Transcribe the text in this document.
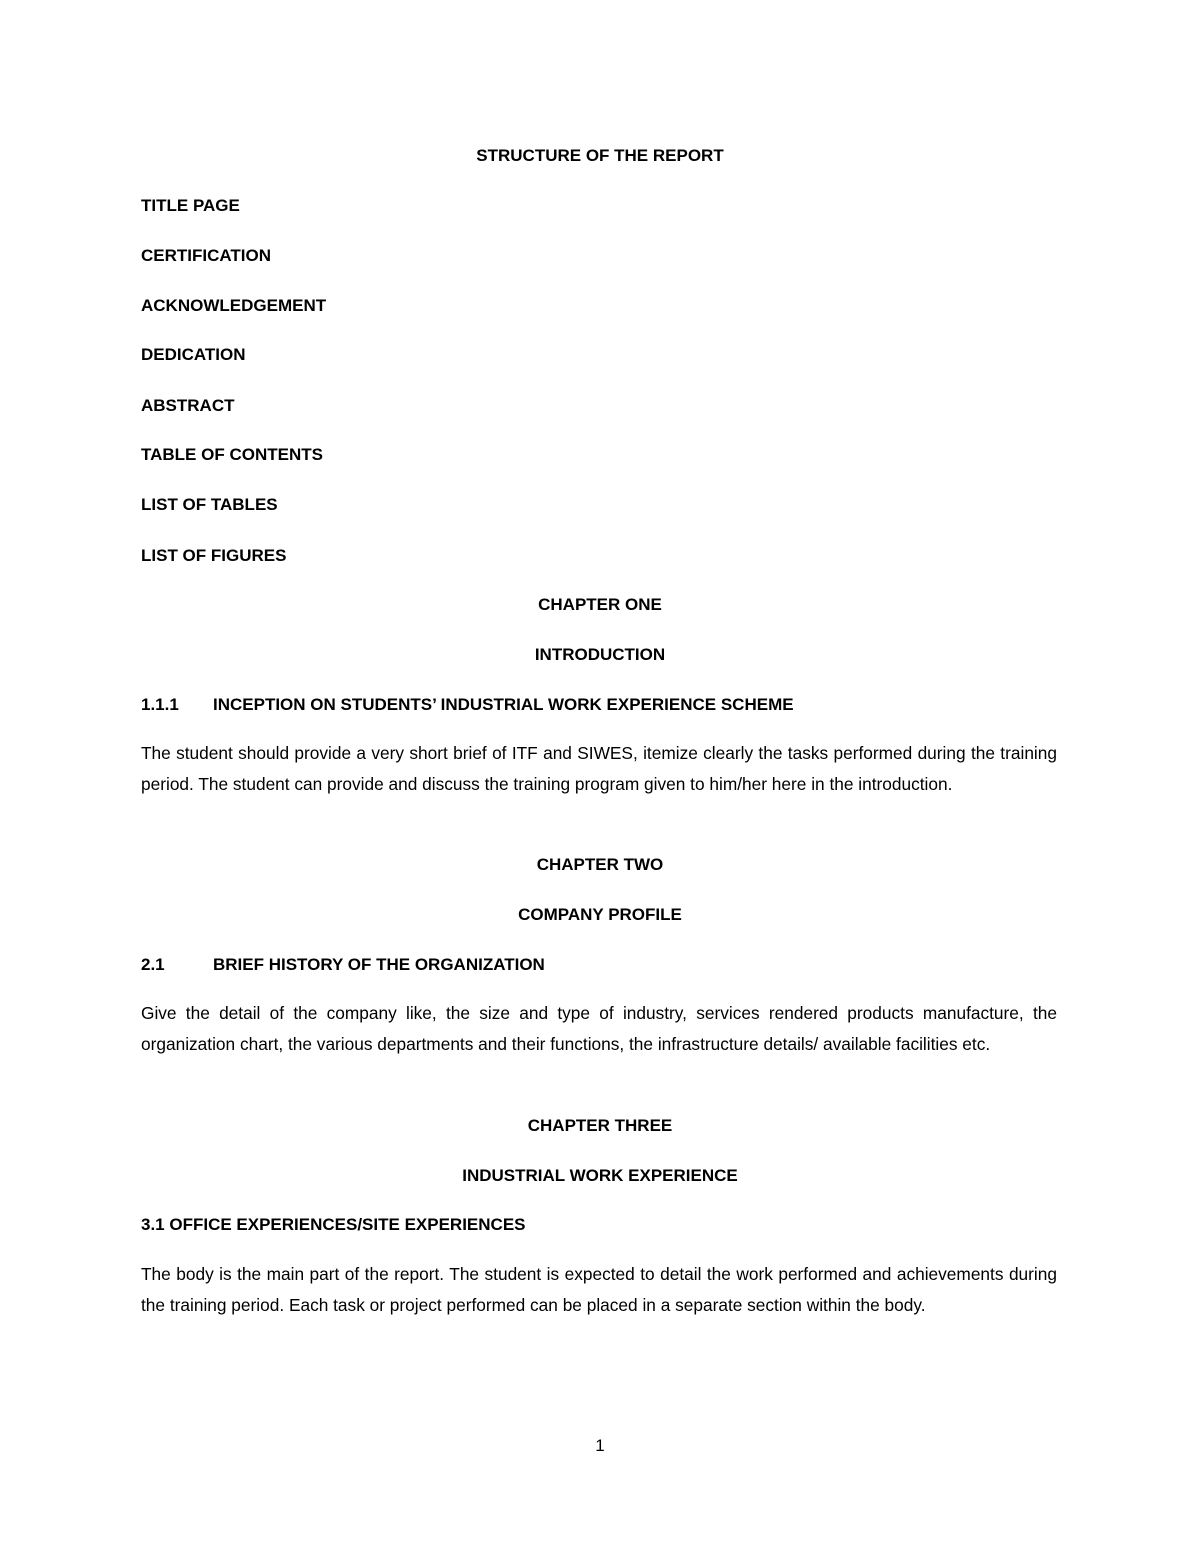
STRUCTURE OF THE REPORT

TITLE PAGE

CERTIFICATION

ACKNOWLEDGEMENT

DEDICATION

ABSTRACT

TABLE OF CONTENTS

LIST OF TABLES

LIST OF FIGURES

CHAPTER ONE

INTRODUCTION

1.1.1 INCEPTION ON STUDENTS’ INDUSTRIAL WORK EXPERIENCE SCHEME

The student should provide a very short brief of ITF and SIWES, itemize clearly the tasks performed during the training period. The student can provide and discuss the training program given to him/her here in the introduction.

CHAPTER TWO

COMPANY PROFILE

2.1	BRIEF HISTORY OF THE ORGANIZATION

Give the detail of the company like, the size and type of industry, services rendered products manufacture, the organization chart, the various departments and their functions, the infrastructure details/ available facilities etc.

CHAPTER THREE

INDUSTRIAL WORK EXPERIENCE

3.1 OFFICE EXPERIENCES/SITE EXPERIENCES

The body is the main part of the report. The student is expected to detail the work performed and achievements during the training period. Each task or project performed can be placed in a separate section within the body.

1
